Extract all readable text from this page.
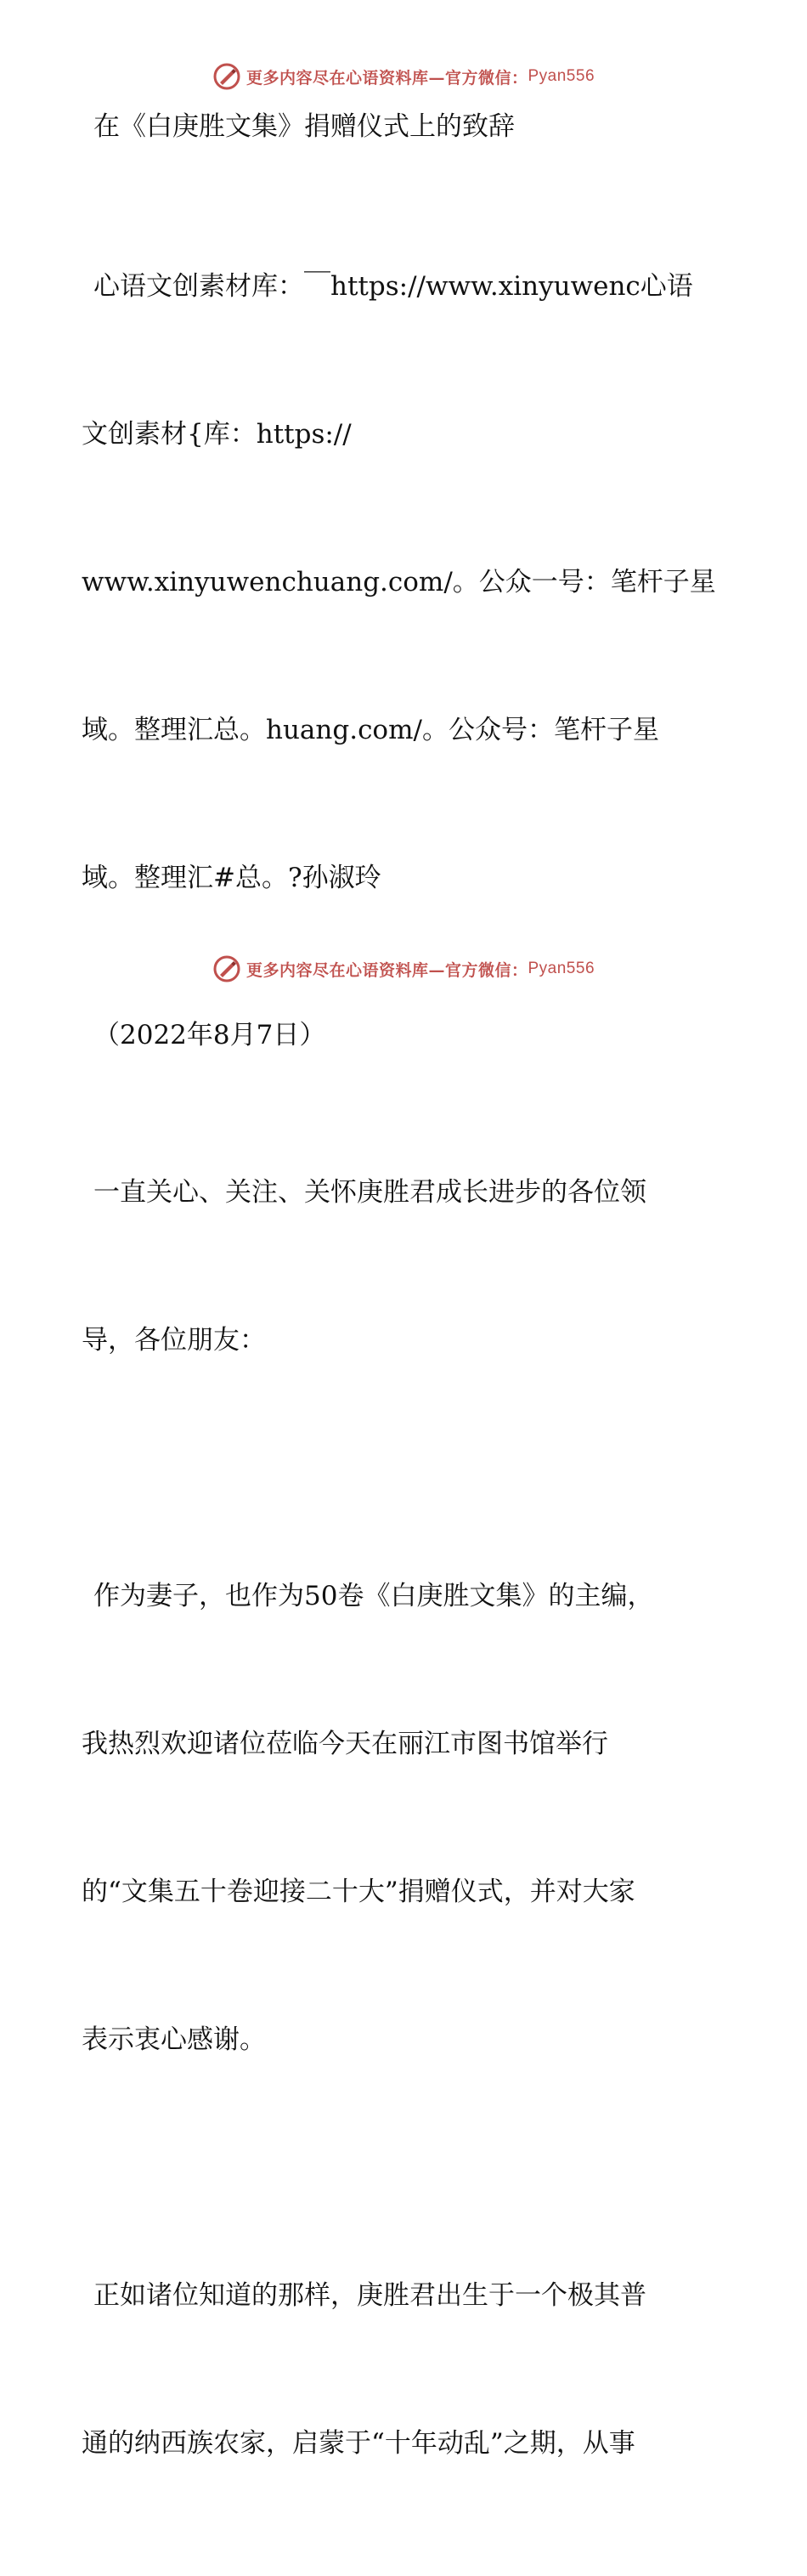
更多内容尽在心语资料库—官方微信： Pyan556
在《白庚胜文集》捐赠仪式上的致辞

心语文创素材库：￣https://www.xinyuwenc心语

文创素材{库：https://

www.xinyuwenchuang.com/。公众一号：笔杆子星

域。整理汇总。huang.com/。公众号：笔杆子星

域。整理汇#总。?孙淑玲

（2022年8月7日）

一直关心、关注、关怀庚胜君成长进步的各位领

导，各位朋友：

作为妻子，也作为50卷《白庚胜文集》的主编，

我热烈欢迎诸位莅临今天在丽江市图书馆举行

的“文集五十卷迎接二十大”捐赠仪式，并对大家

表示衷心感谢。

正如诸位知道的那样，庚胜君出生于一个极其普

通的纳西族农家，启蒙于“十年动乱”之期，从事

更多内容尽在心语资料库—官方微信： Pyan556
